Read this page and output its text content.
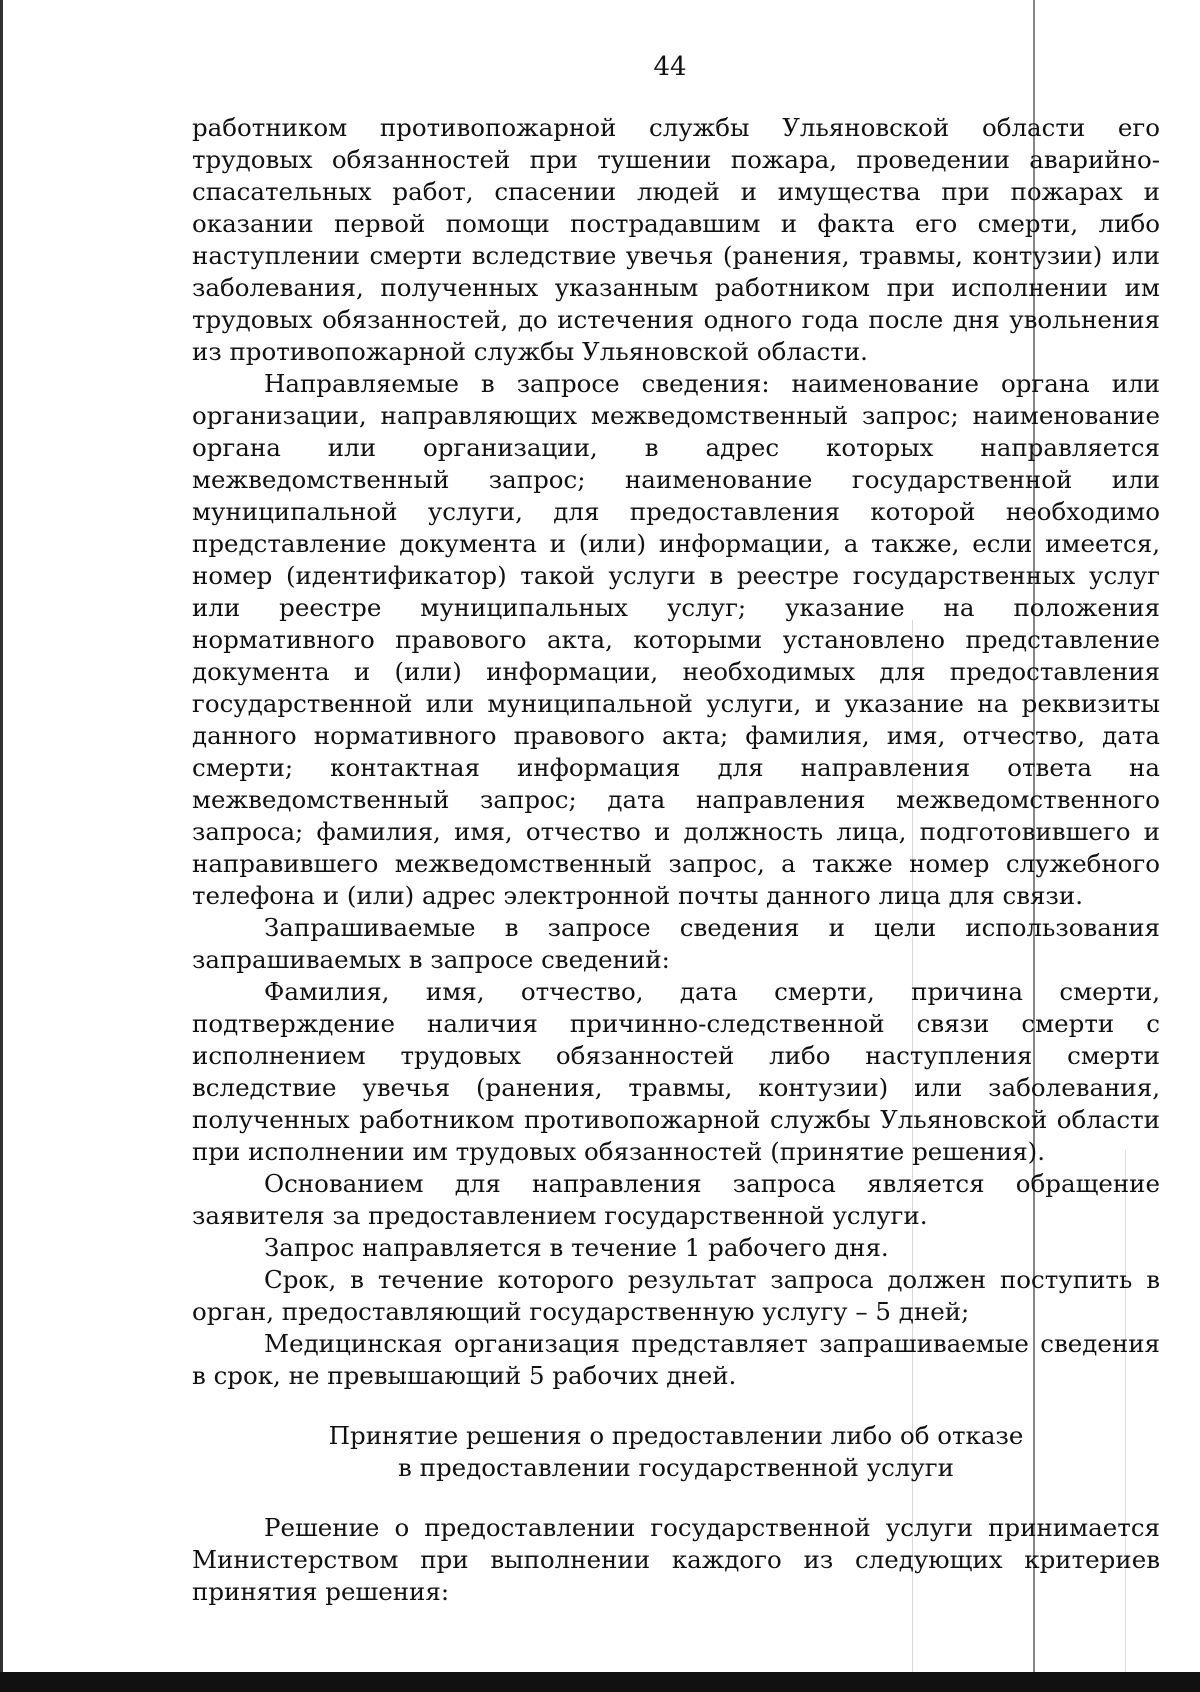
44

работником противопожарной службы Ульяновской области его трудовых обязанностей при тушении пожара, проведении аварийно-спасательных работ, спасении людей и имущества при пожарах и оказании первой помощи пострадавшим и факта его смерти, либо наступлении смерти вследствие увечья (ранения, травмы, контузии) или заболевания, полученных указанным работником при исполнении им трудовых обязанностей, до истечения одного года после дня увольнения из противопожарной службы Ульяновской области.

Направляемые в запросе сведения: наименование органа или организации, направляющих межведомственный запрос; наименование органа или организации, в адрес которых направляется межведомственный запрос; наименование государственной или муниципальной услуги, для предоставления которой необходимо представление документа и (или) информации, а также, если имеется, номер (идентификатор) такой услуги в реестре государственных услуг или реестре муниципальных услуг; указание на положения нормативного правового акта, которыми установлено представление документа и (или) информации, необходимых для предоставления государственной или муниципальной услуги, и указание на реквизиты данного нормативного правового акта; фамилия, имя, отчество, дата смерти; контактная информация для направления ответа на межведомственный запрос; дата направления межведомственного запроса; фамилия, имя, отчество и должность лица, подготовившего и направившего межведомственный запрос, а также номер служебного телефона и (или) адрес электронной почты данного лица для связи.

Запрашиваемые в запросе сведения и цели использования запрашиваемых в запросе сведений:

Фамилия, имя, отчество, дата смерти, причина смерти, подтверждение наличия причинно-следственной связи смерти с исполнением трудовых обязанностей либо наступления смерти вследствие увечья (ранения, травмы, контузии) или заболевания, полученных работником противопожарной службы Ульяновской области при исполнении им трудовых обязанностей (принятие решения).

Основанием для направления запроса является обращение заявителя за предоставлением государственной услуги.

Запрос направляется в течение 1 рабочего дня.

Срок, в течение которого результат запроса должен поступить в орган, предоставляющий государственную услугу – 5 дней;

Медицинская организация представляет запрашиваемые сведения в срок, не превышающий 5 рабочих дней.

Принятие решения о предоставлении либо об отказе
в предоставлении государственной услуги

Решение о предоставлении государственной услуги принимается Министерством при выполнении каждого из следующих критериев принятия решения:
